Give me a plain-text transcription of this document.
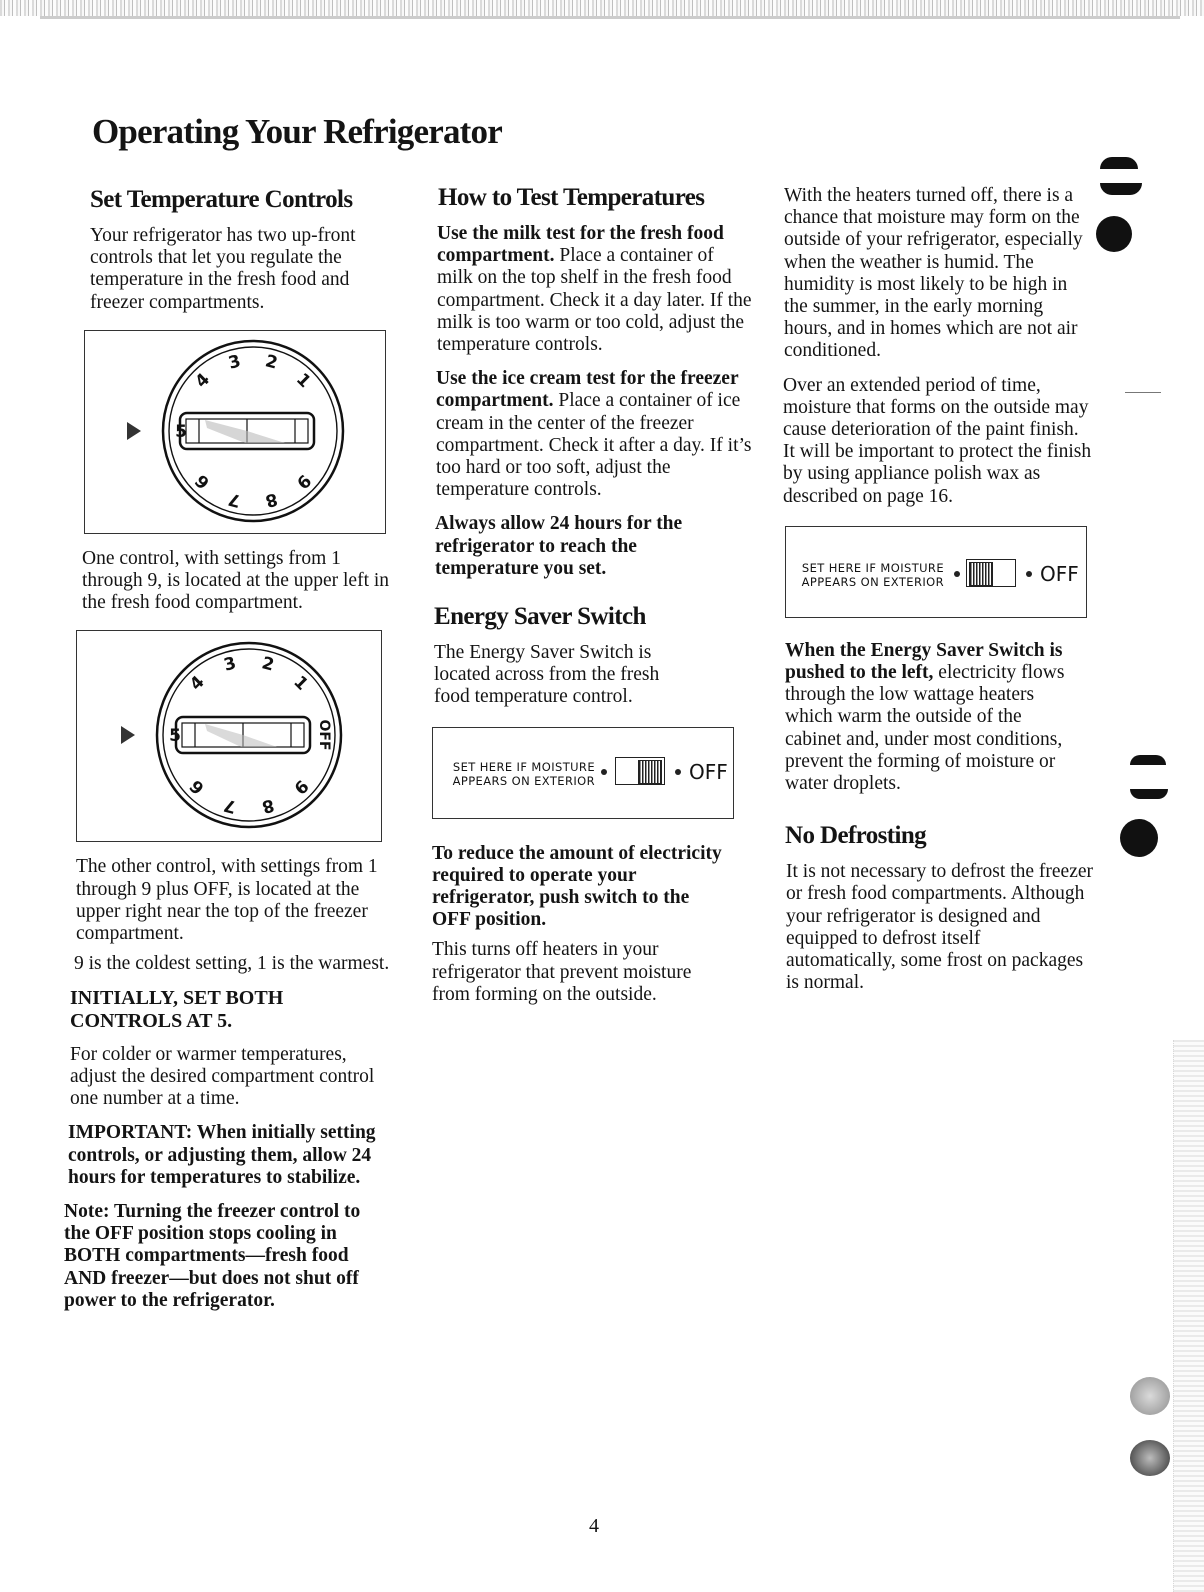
Operating Your Refrigerator
Set Temperature Controls

Your refrigerator has two up-front controls that let you regulate the temperature in the fresh food and freezer compartments.

1
2
3
4
5
6
7 8
9

One control, with settings from 1 through 9, is located at the upper left in the fresh food compartment.

1
2
3
4
5
6
7 8
9
OFF

The other control, with settings from 1 through 9 plus OFF, is located at the upper right near the top of the freezer compartment.

9 is the coldest setting, 1 is the warmest.

INITIALLY, SET BOTH CONTROLS AT 5.

For colder or warmer temperatures, adjust the desired compartment control one number at a time.

IMPORTANT: When initially setting controls, or adjusting them, allow 24 hours for temperatures to stabilize.

Note: Turning the freezer control to the OFF position stops cooling in BOTH compartments—fresh food AND freezer—but does not shut off power to the refrigerator.

How to Test Temperatures

Use the milk test for the fresh food compartment. Place a container of milk on the top shelf in the fresh food compartment. Check it a day later. If the milk is too warm or too cold, adjust the temperature controls.

Use the ice cream test for the freezer compartment. Place a container of ice cream in the center of the freezer compartment. Check it after a day. If it’s too hard or too soft, adjust the temperature controls.

Always allow 24 hours for the refrigerator to reach the temperature you set.

Energy Saver Switch

The Energy Saver Switch is located across from the fresh food temperature control.

SET HERE IF MOISTURE
APPEARS ON EXTERIOR	OFF

To reduce the amount of electricity required to operate your refrigerator, push switch to the OFF position.

This turns off heaters in your refrigerator that prevent moisture from forming on the outside.

With the heaters turned off, there is a chance that moisture may form on the outside of your refrigerator, especially when the weather is humid. The humidity is most likely to be high in the summer, in the early morning hours, and in homes which are not air conditioned.

Over an extended period of time, moisture that forms on the outside may cause deterioration of the paint finish. It will be important to protect the finish by using appliance polish wax as described on page 16.

SET HERE IF MOISTURE
APPEARS ON EXTERIOR	OFF

When the Energy Saver Switch is pushed to the left, electricity flows through the low wattage heaters which warm the outside of the cabinet and, under most conditions, prevent the forming of moisture or water droplets.

No Defrosting

It is not necessary to defrost the freezer or fresh food compartments. Although your refrigerator is designed and equipped to defrost itself automatically, some frost on packages is normal.

4
